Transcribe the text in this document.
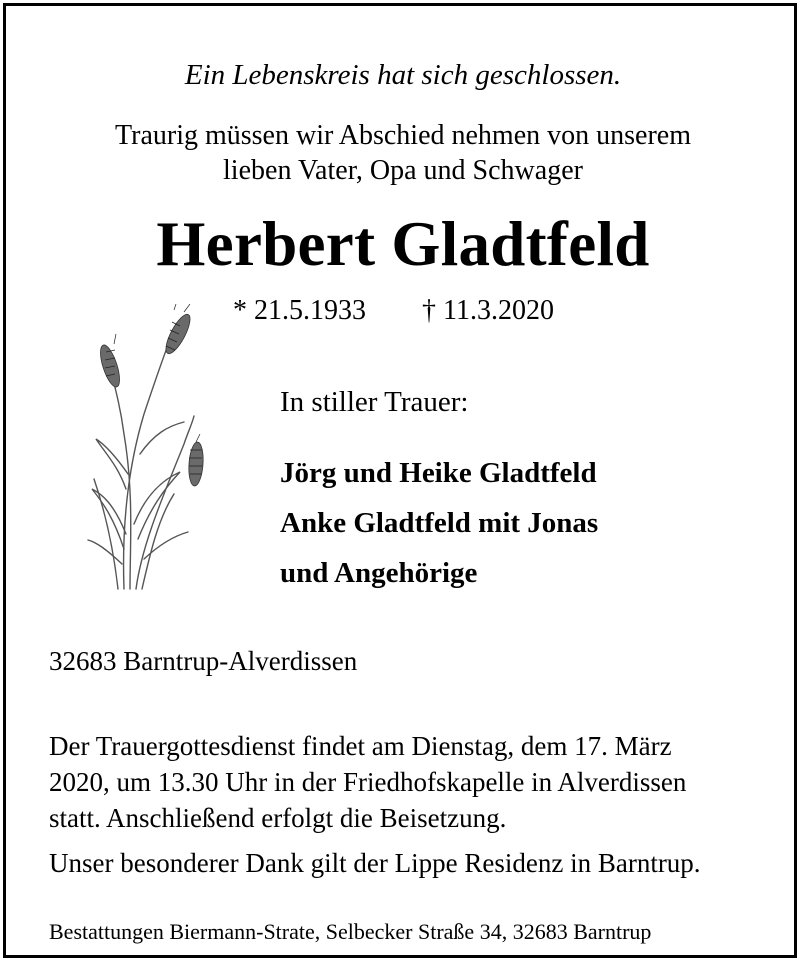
Ein Lebenskreis hat sich geschlossen.
Traurig müssen wir Abschied nehmen von unserem
lieben Vater, Opa und Schwager
Herbert Gladtfeld
* 21.5.1933 † 11.3.2020
In stiller Trauer:
Jörg und Heike Gladtfeld
Anke Gladtfeld mit Jonas
und Angehörige
32683 Barntrup-Alverdissen
Der Trauergottesdienst findet am Dienstag, dem 17. März
2020, um 13.30 Uhr in der Friedhofskapelle in Alverdissen
statt. Anschließend erfolgt die Beisetzung.
Unser besonderer Dank gilt der Lippe Residenz in Barntrup.
Bestattungen Biermann-Strate, Selbecker Straße 34, 32683 Barntrup
